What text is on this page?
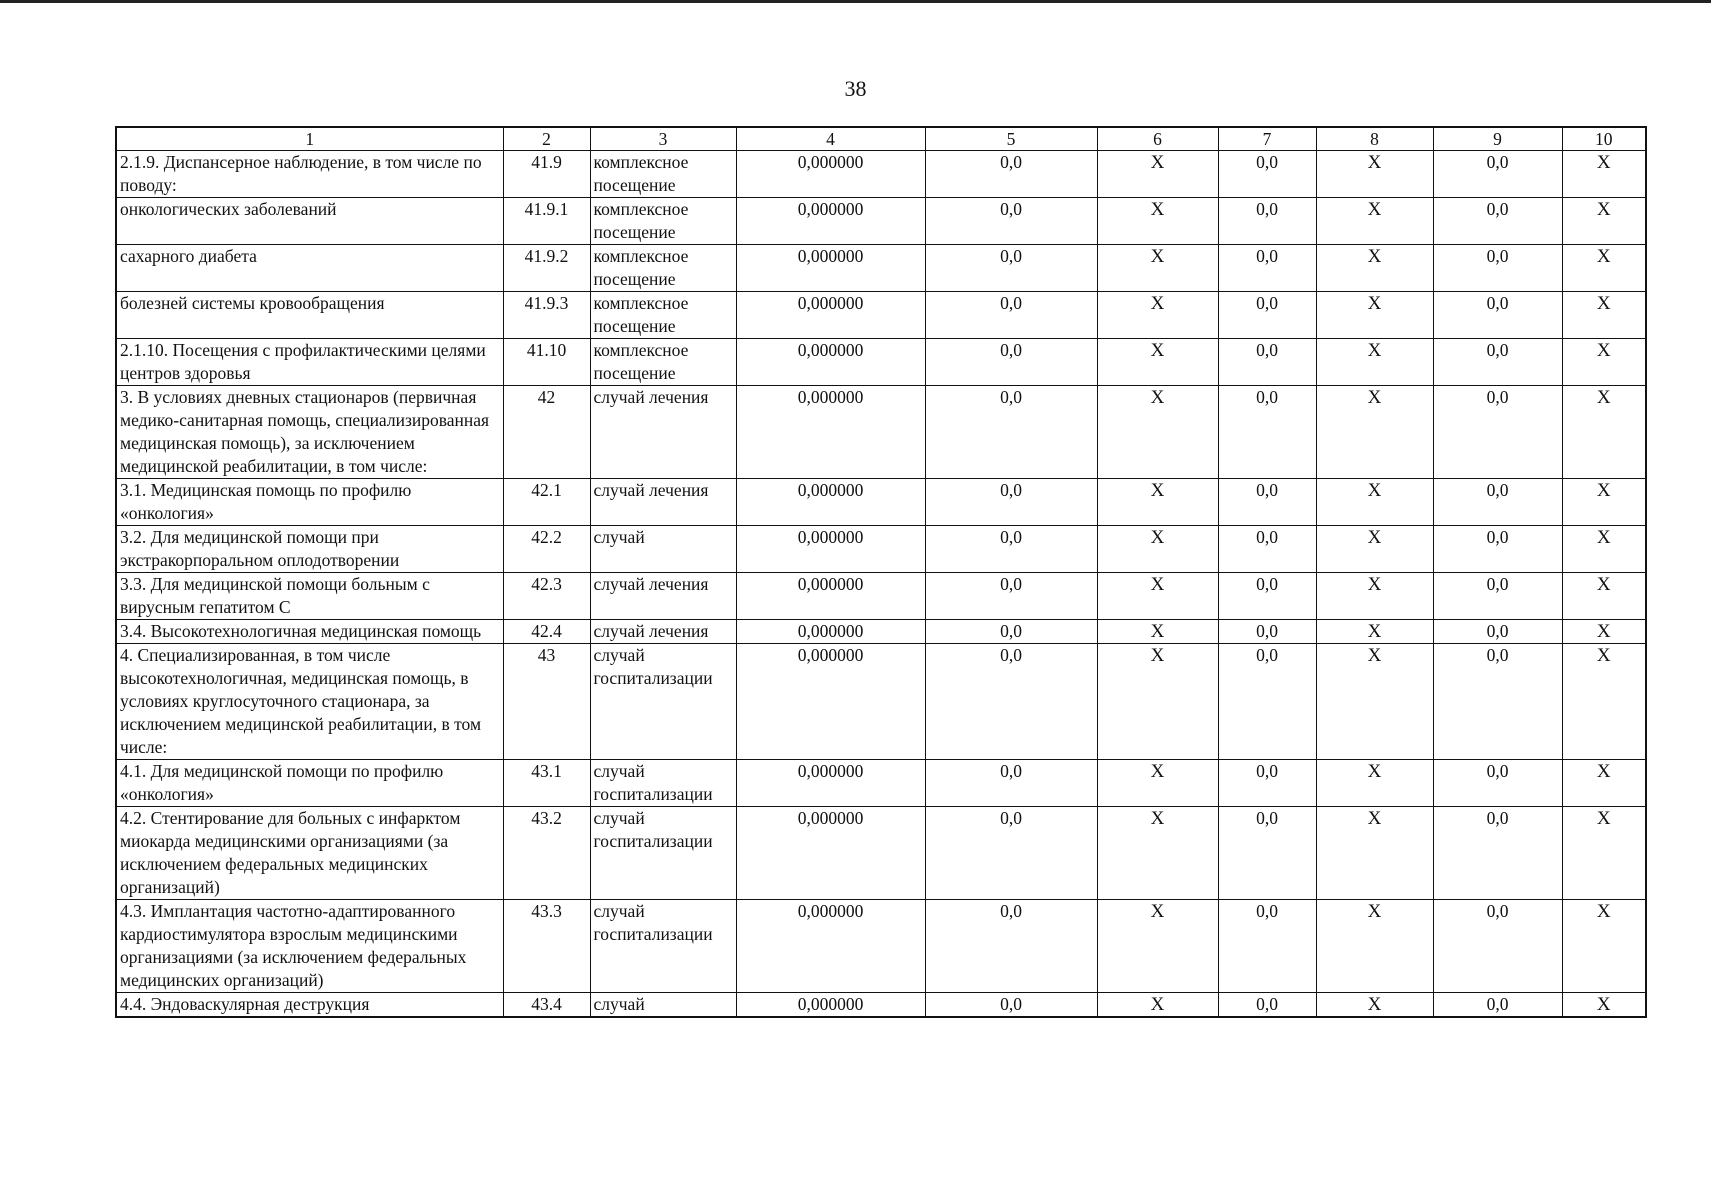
38
1	2	3	4	5	6	7	8	9	10
2.1.9. Диспансерное наблюдение, в том числе по поводу:	41.9	комплексное посещение	0,000000	0,0	X	0,0	X	0,0	X
онкологических заболеваний	41.9.1	комплексное посещение	0,000000	0,0	X	0,0	X	0,0	X
сахарного диабета	41.9.2	комплексное посещение	0,000000	0,0	X	0,0	X	0,0	X
болезней системы кровообращения	41.9.3	комплексное посещение	0,000000	0,0	X	0,0	X	0,0	X
2.1.10. Посещения с профилактическими целями центров здоровья	41.10	комплексное посещение	0,000000	0,0	X	0,0	X	0,0	X
3. В условиях дневных стационаров (первичная медико-санитарная помощь, специализированная медицинская помощь), за исключением медицинской реабилитации, в том числе:	42	случай лечения	0,000000	0,0	X	0,0	X	0,0	X
3.1. Медицинская помощь по профилю «онкология»	42.1	случай лечения	0,000000	0,0	X	0,0	X	0,0	X
3.2. Для медицинской помощи при экстракорпоральном оплодотворении	42.2	случай	0,000000	0,0	X	0,0	X	0,0	X
3.3. Для медицинской помощи больным с вирусным гепатитом С	42.3	случай лечения	0,000000	0,0	X	0,0	X	0,0	X
3.4. Высокотехнологичная медицинская помощь	42.4	случай лечения	0,000000	0,0	X	0,0	X	0,0	X
4. Специализированная, в том числе высокотехнологичная, медицинская помощь, в условиях круглосуточного стационара, за исключением медицинской реабилитации, в том числе:	43	случай госпитализации	0,000000	0,0	X	0,0	X	0,0	X
4.1. Для медицинской помощи по профилю «онкология»	43.1	случай госпитализации	0,000000	0,0	X	0,0	X	0,0	X
4.2. Стентирование для больных с инфарктом миокарда медицинскими организациями (за исключением федеральных медицинских организаций)	43.2	случай госпитализации	0,000000	0,0	X	0,0	X	0,0	X
4.3. Имплантация частотно-адаптированного кардиостимулятора взрослым медицинскими организациями (за исключением федеральных медицинских организаций)	43.3	случай госпитализации	0,000000	0,0	X	0,0	X	0,0	X
4.4. Эндоваскулярная деструкция	43.4	случай	0,000000	0,0	X	0,0	X	0,0	X
